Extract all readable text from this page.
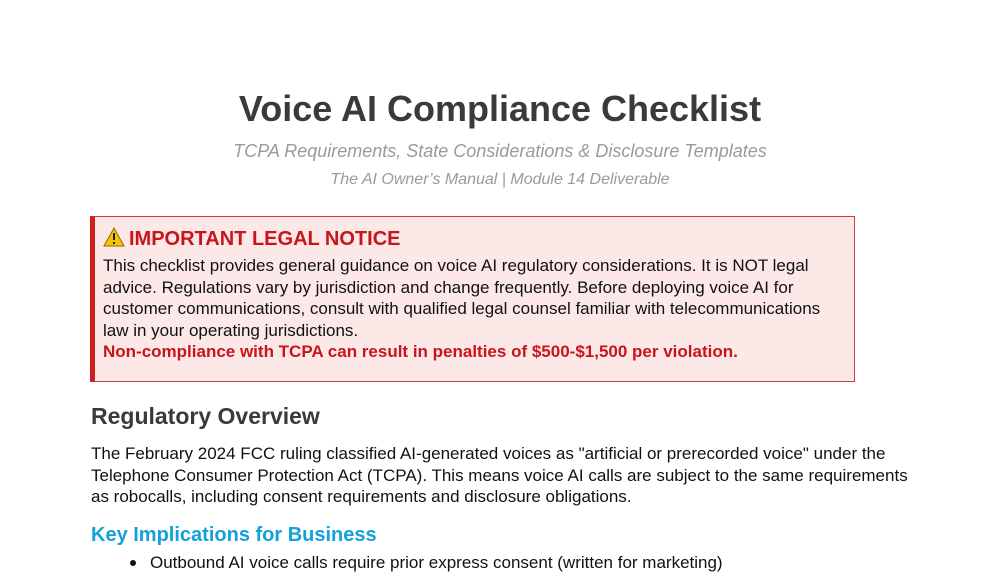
Voice AI Compliance Checklist
TCPA Requirements, State Considerations & Disclosure Templates
The AI Owner’s Manual | Module 14 Deliverable
IMPORTANT LEGAL NOTICE
This checklist provides general guidance on voice AI regulatory considerations. It is NOT legal advice. Regulations vary by jurisdiction and change frequently. Before deploying voice AI for customer communications, consult with qualified legal counsel familiar with telecommunications law in your operating jurisdictions.
Non-compliance with TCPA can result in penalties of $500-$1,500 per violation.
Regulatory Overview
The February 2024 FCC ruling classified AI-generated voices as "artificial or prerecorded voice" under the Telephone Consumer Protection Act (TCPA). This means voice AI calls are subject to the same requirements as robocalls, including consent requirements and disclosure obligations.
Key Implications for Business
Outbound AI voice calls require prior express consent (written for marketing)
